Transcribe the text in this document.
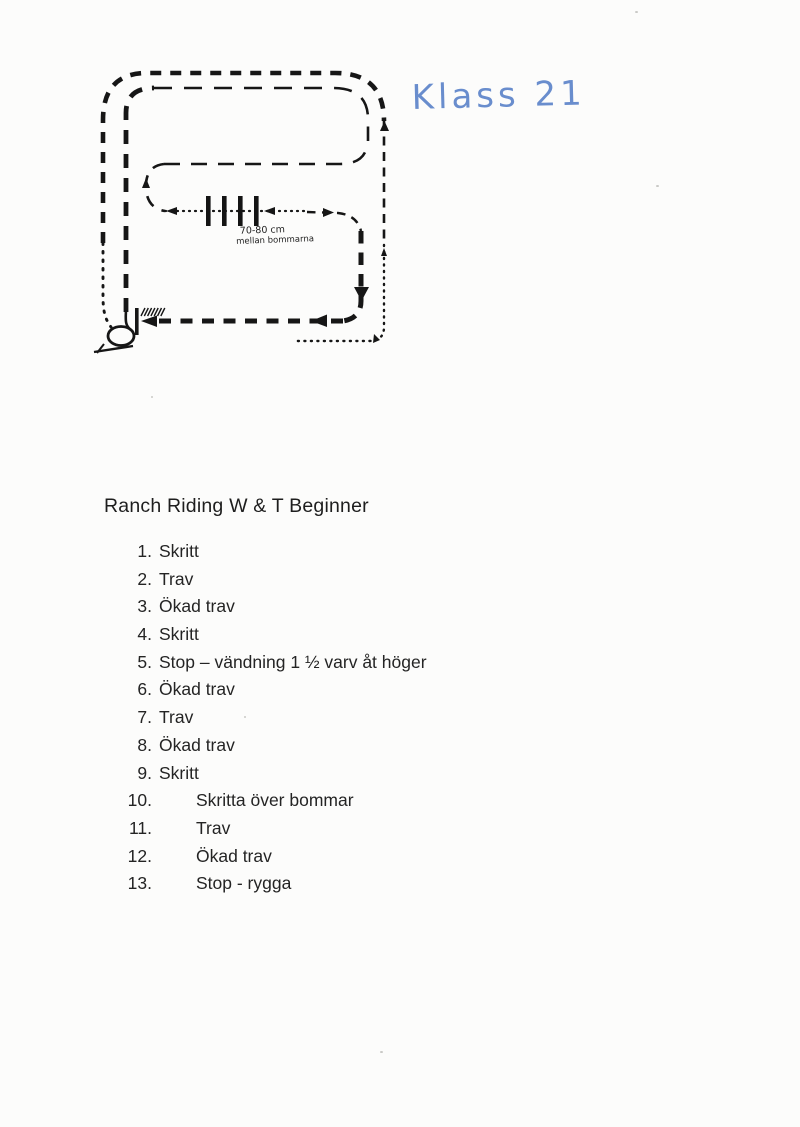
70-80 cm
mellan bommarna
Klass 21
Ranch Riding W & T Beginner
1. Skritt
2. Trav
3. Ökad trav
4. Skritt
5. Stop – vändning 1 ½ varv åt höger
6. Ökad trav
7. Trav
8. Ökad trav
9. Skritt
10.	Skritta över bommar
11.	Trav
12.	Ökad trav
13.	Stop - rygga
